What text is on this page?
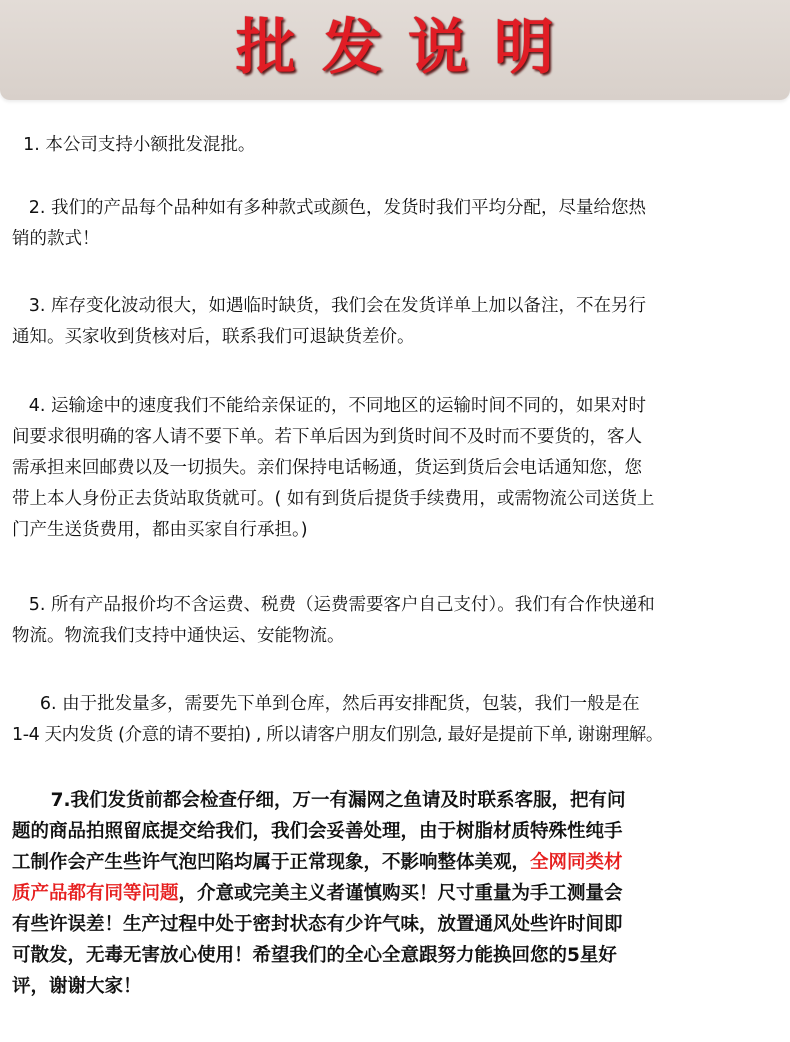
批发说明

1. 本公司支持小额批发混批。

2. 我们的产品每个品种如有多种款式或颜色，发货时我们平均分配，尽量给您热
销的款式！

3. 库存变化波动很大，如遇临时缺货，我们会在发货详单上加以备注，不在另行
通知。买家收到货核对后，联系我们可退缺货差价。

4. 运输途中的速度我们不能给亲保证的，不同地区的运输时间不同的，如果对时
间要求很明确的客人请不要下单。若下单后因为到货时间不及时而不要货的，客人
需承担来回邮费以及一切损失。亲们保持电话畅通，货运到货后会电话通知您，您
带上本人身份正去货站取货就可。( 如有到货后提货手续费用，或需物流公司送货上
门产生送货费用，都由买家自行承担。)

5. 所有产品报价均不含运费、税费（运费需要客户自己支付）。我们有合作快递和
物流。物流我们支持中通快运、安能物流。

6. 由于批发量多，需要先下单到仓库，然后再安排配货，包装，我们一般是在
1-4 天内发货 (介意的请不要拍) , 所以请客户朋友们别急, 最好是提前下单, 谢谢理解。

7.我们发货前都会检查仔细，万一有漏网之鱼请及时联系客服，把有问
题的商品拍照留底提交给我们，我们会妥善处理，由于树脂材质特殊性纯手
工制作会产生些许气泡凹陷均属于正常现象，不影响整体美观，全网同类材
质产品都有同等问题，介意或完美主义者谨慎购买！尺寸重量为手工测量会
有些许误差！生产过程中处于密封状态有少许气味，放置通风处些许时间即
可散发，无毒无害放心使用！希望我们的全心全意跟努力能换回您的5星好
评，谢谢大家！
